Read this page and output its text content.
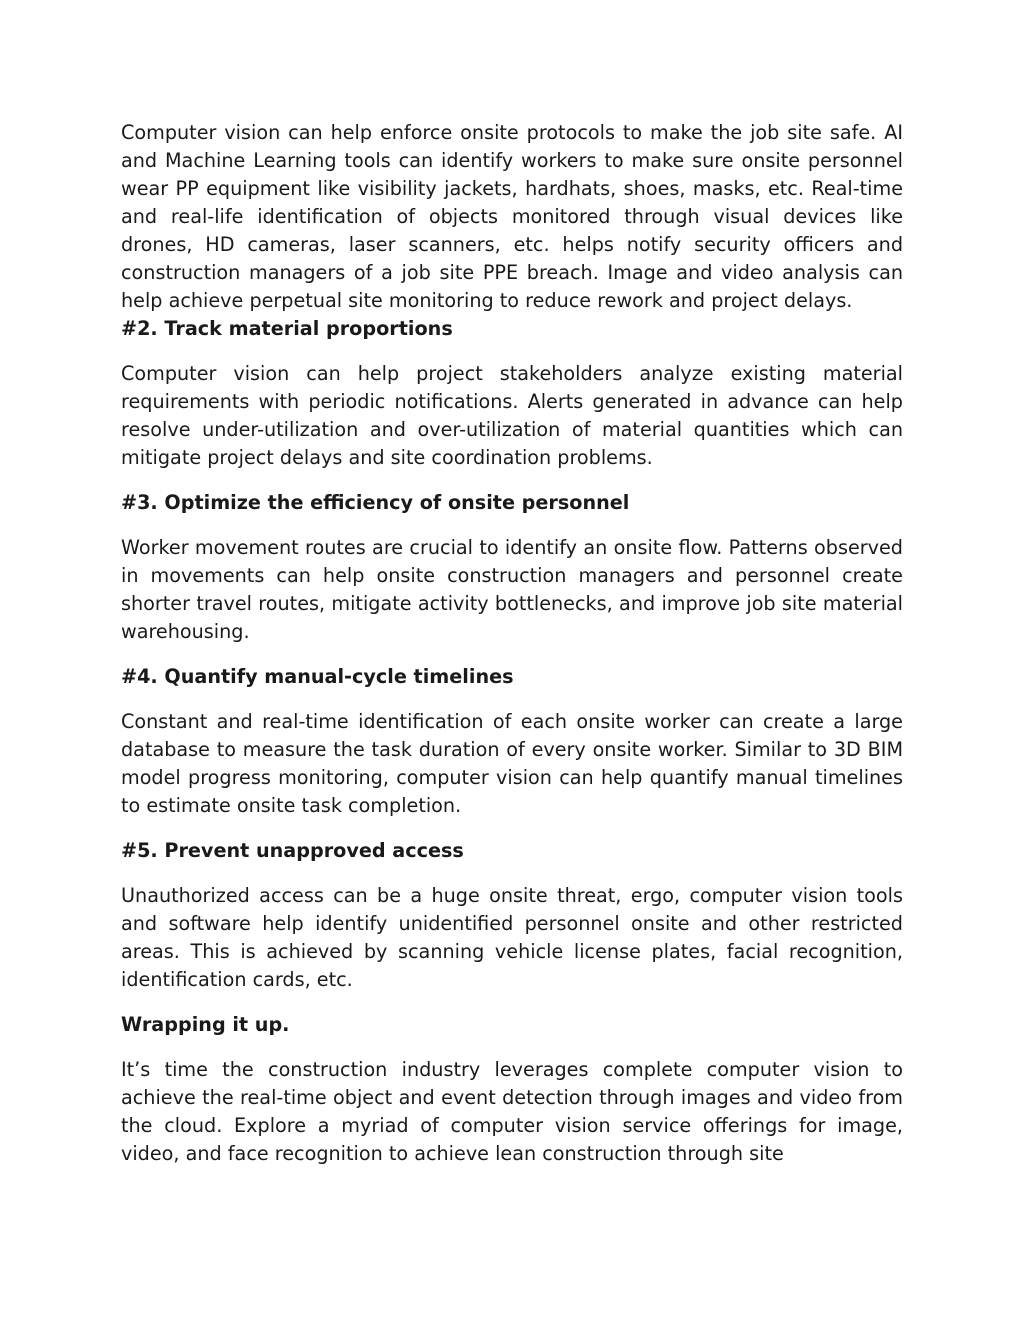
Computer vision can help enforce onsite protocols to make the job site safe. AI and Machine Learning tools can identify workers to make sure onsite personnel wear PP equipment like visibility jackets, hardhats, shoes, masks, etc. Real-time and real-life identification of objects monitored through visual devices like drones, HD cameras, laser scanners, etc. helps notify security officers and construction managers of a job site PPE breach. Image and video analysis can help achieve perpetual site monitoring to reduce rework and project delays.

#2. Track material proportions

Computer vision can help project stakeholders analyze existing material requirements with periodic notifications. Alerts generated in advance can help resolve under-utilization and over-utilization of material quantities which can mitigate project delays and site coordination problems.

#3. Optimize the efficiency of onsite personnel

Worker movement routes are crucial to identify an onsite flow. Patterns observed in movements can help onsite construction managers and personnel create shorter travel routes, mitigate activity bottlenecks, and improve job site material warehousing.

#4. Quantify manual-cycle timelines

Constant and real-time identification of each onsite worker can create a large database to measure the task duration of every onsite worker. Similar to 3D BIM model progress monitoring, computer vision can help quantify manual timelines to estimate onsite task completion.

#5. Prevent unapproved access

Unauthorized access can be a huge onsite threat, ergo, computer vision tools and software help identify unidentified personnel onsite and other restricted areas. This is achieved by scanning vehicle license plates, facial recognition, identification cards, etc.

Wrapping it up.

It’s time the construction industry leverages complete computer vision to achieve the real-time object and event detection through images and video from the cloud. Explore a myriad of computer vision service offerings for image, video, and face recognition to achieve lean construction through site
